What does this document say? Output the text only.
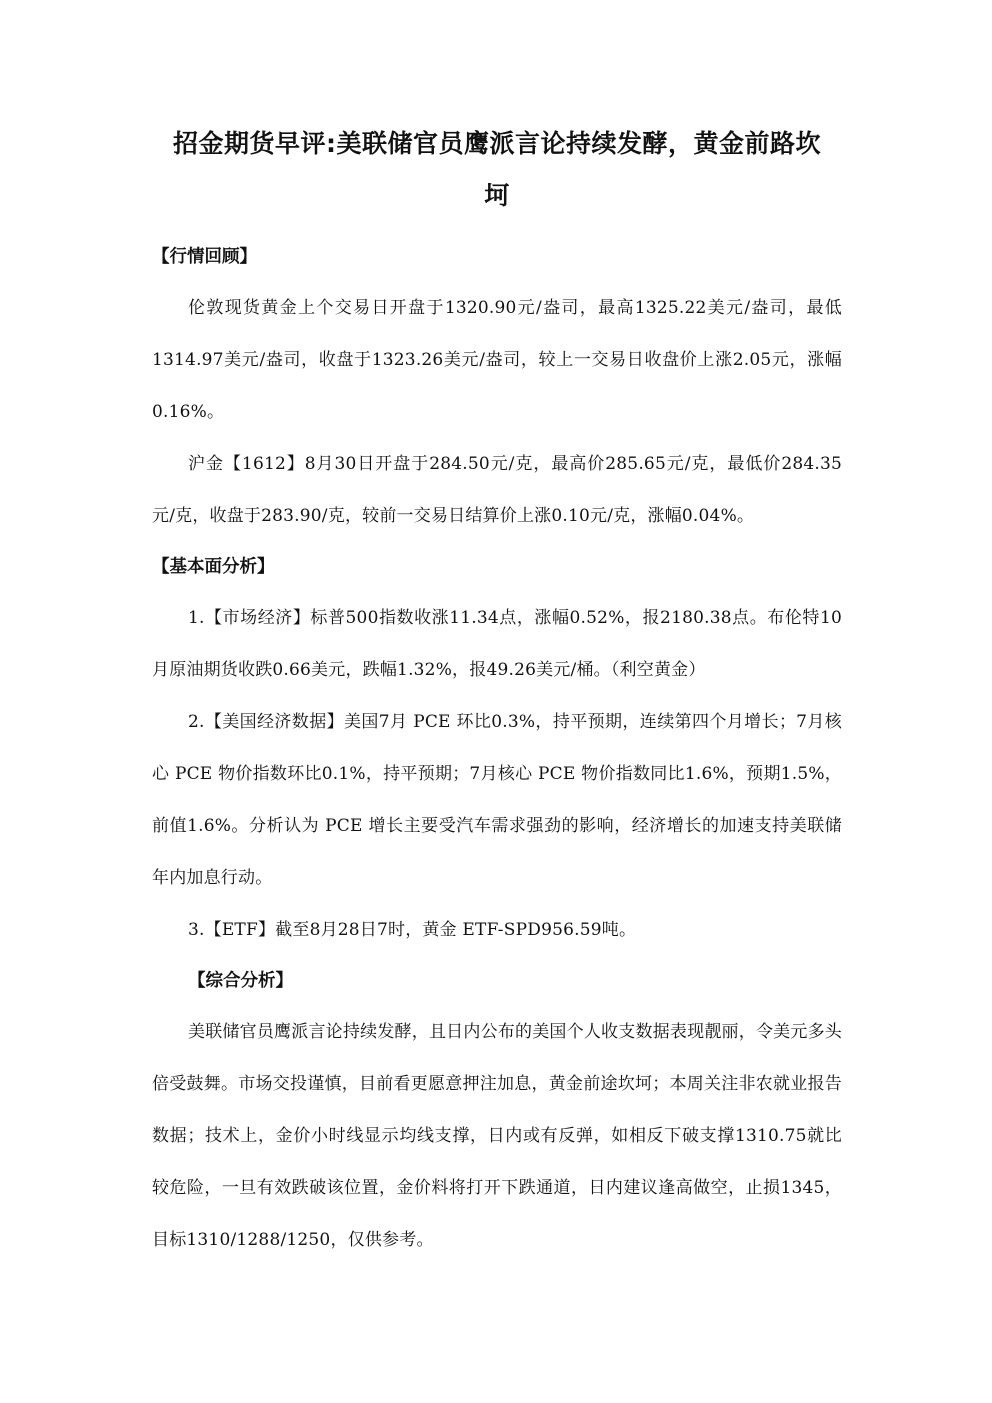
招金期货早评:美联储官员鹰派言论持续发酵，黄金前路坎
坷
【行情回顾】

伦敦现货黄金上个交易日开盘于1320.90元/盎司，最高1325.22美元/盎司，最低1314.97美元/盎司，收盘于1323.26美元/盎司，较上一交易日收盘价上涨2.05元，涨幅0.16%。

沪金【1612】8月30日开盘于284.50元/克，最高价285.65元/克，最低价284.35元/克，收盘于283.90/克，较前一交易日结算价上涨0.10元/克，涨幅0.04%。

【基本面分析】

1.【市场经济】标普500指数收涨11.34点，涨幅0.52%，报2180.38点。布伦特10月原油期货收跌0.66美元，跌幅1.32%，报49.26美元/桶。（利空黄金）

2.【美国经济数据】美国7月 PCE 环比0.3%，持平预期，连续第四个月增长；7月核心 PCE 物价指数环比0.1%，持平预期；7月核心 PCE 物价指数同比1.6%，预期1.5%，前值1.6%。分析认为 PCE 增长主要受汽车需求强劲的影响，经济增长的加速支持美联储年内加息行动。

3.【ETF】截至8月28日7时，黄金 ETF-SPD956.59吨。

【综合分析】

美联储官员鹰派言论持续发酵，且日内公布的美国个人收支数据表现靓丽，令美元多头倍受鼓舞。市场交投谨慎，目前看更愿意押注加息，黄金前途坎坷；本周关注非农就业报告数据；技术上，金价小时线显示均线支撑，日内或有反弹，如相反下破支撑1310.75就比较危险，一旦有效跌破该位置，金价料将打开下跌通道，日内建议逢高做空，止损1345，目标1310/1288/1250，仅供参考。
